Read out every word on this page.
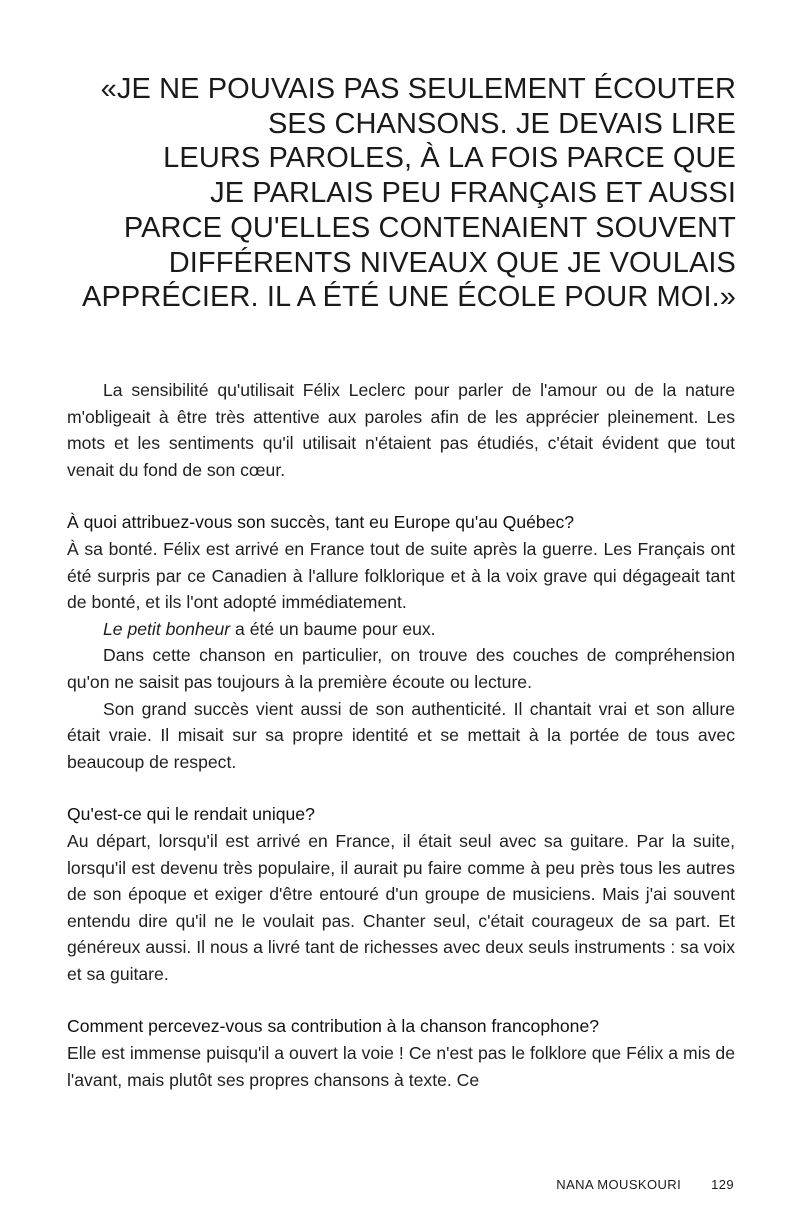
«JE NE POUVAIS PAS SEULEMENT ÉCOUTER
SES CHANSONS. JE DEVAIS LIRE
LEURS PAROLES, À LA FOIS PARCE QUE
JE PARLAIS PEU FRANÇAIS ET AUSSI
PARCE QU'ELLES CONTENAIENT SOUVENT
DIFFÉRENTS NIVEAUX QUE JE VOULAIS
APPRÉCIER. IL A ÉTÉ UNE ÉCOLE POUR MOI.»

La sensibilité qu'utilisait Félix Leclerc pour parler de l'amour ou de la nature m'obligeait à être très attentive aux paroles afin de les apprécier pleinement. Les mots et les sentiments qu'il utilisait n'étaient pas étudiés, c'était évident que tout venait du fond de son cœur.

À quoi attribuez-vous son succès, tant eu Europe qu'au Québec?

À sa bonté. Félix est arrivé en France tout de suite après la guerre. Les Français ont été surpris par ce Canadien à l'allure folklorique et à la voix grave qui dégageait tant de bonté, et ils l'ont adopté immédiatement.

Le petit bonheur a été un baume pour eux.

Dans cette chanson en particulier, on trouve des couches de compréhension qu'on ne saisit pas toujours à la première écoute ou lecture.

Son grand succès vient aussi de son authenticité. Il chantait vrai et son allure était vraie. Il misait sur sa propre identité et se mettait à la portée de tous avec beaucoup de respect.

Qu'est-ce qui le rendait unique?

Au départ, lorsqu'il est arrivé en France, il était seul avec sa guitare. Par la suite, lorsqu'il est devenu très populaire, il aurait pu faire comme à peu près tous les autres de son époque et exiger d'être entouré d'un groupe de musiciens. Mais j'ai souvent entendu dire qu'il ne le voulait pas. Chanter seul, c'était courageux de sa part. Et généreux aussi. Il nous a livré tant de richesses avec deux seuls instruments : sa voix et sa guitare.

Comment percevez-vous sa contribution à la chanson francophone?

Elle est immense puisqu'il a ouvert la voie ! Ce n'est pas le folklore que Félix a mis de l'avant, mais plutôt ses propres chansons à texte. Ce

NANA MOUSKOURI 129
